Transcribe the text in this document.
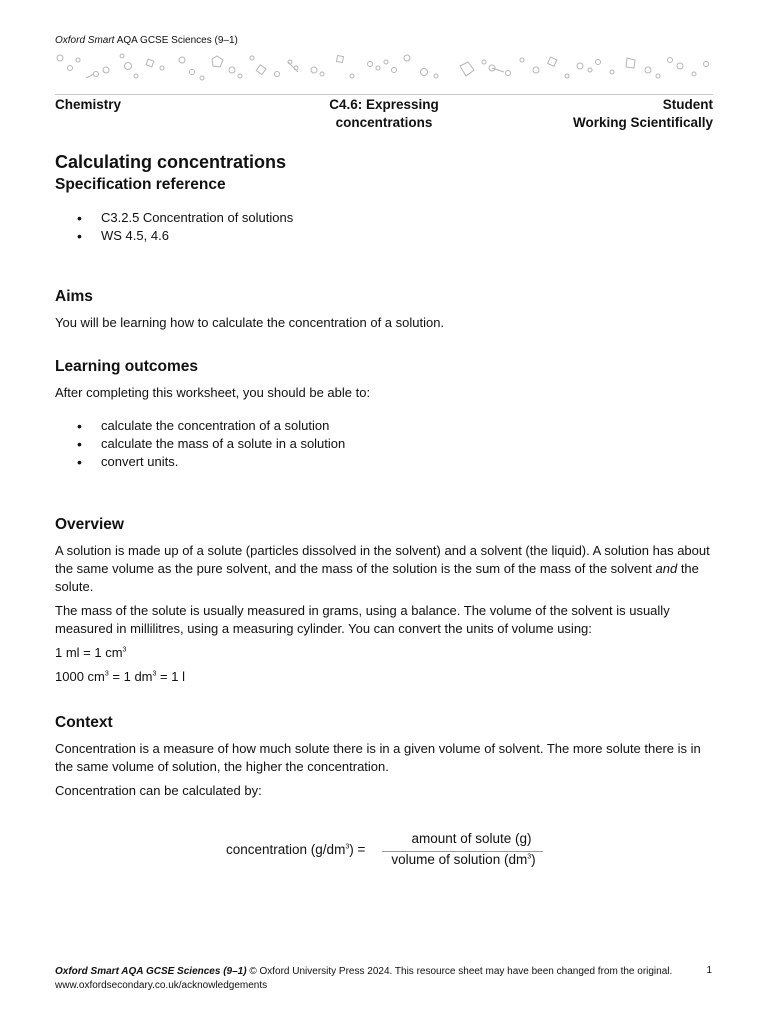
Oxford Smart AQA GCSE Sciences (9–1)
Chemistry	C4.6: Expressing
concentrations
Student
Working Scientifically
Calculating concentrations
Specification reference
• C3.2.5 Concentration of solutions
• WS 4.5, 4.6
Aims

You will be learning how to calculate the concentration of a solution.

Learning outcomes

After completing this worksheet, you should be able to:

• calculate the concentration of a solution
• calculate the mass of a solute in a solution
• convert units.
Overview

A solution is made up of a solute (particles dissolved in the solvent) and a solvent (the liquid). A solution has about the same volume as the pure solvent, and the mass of the solution is the sum of the mass of the solvent and the solute.

The mass of the solute is usually measured in grams, using a balance. The volume of the solvent is usually measured in millilitres, using a measuring cylinder. You can convert the units of volume using:

1 ml = 1 $cm^3$

1000 $cm^3 = 1$ $dm^3 = 1$ l

Context

Concentration is a measure of how much solute there is in a given volume of solvent. The more solute there is in the same volume of solution, the higher the concentration.

Concentration can be calculated by:

concentration $(g/dm^3)$ =
amount of solute (g)
volume of solution $(dm^3)$
Oxford Smart AQA GCSE Sciences (9–1) © Oxford University Press 2024. This resource sheet may have been changed from the original.
www.oxfordsecondary.co.uk/acknowledgements
1
